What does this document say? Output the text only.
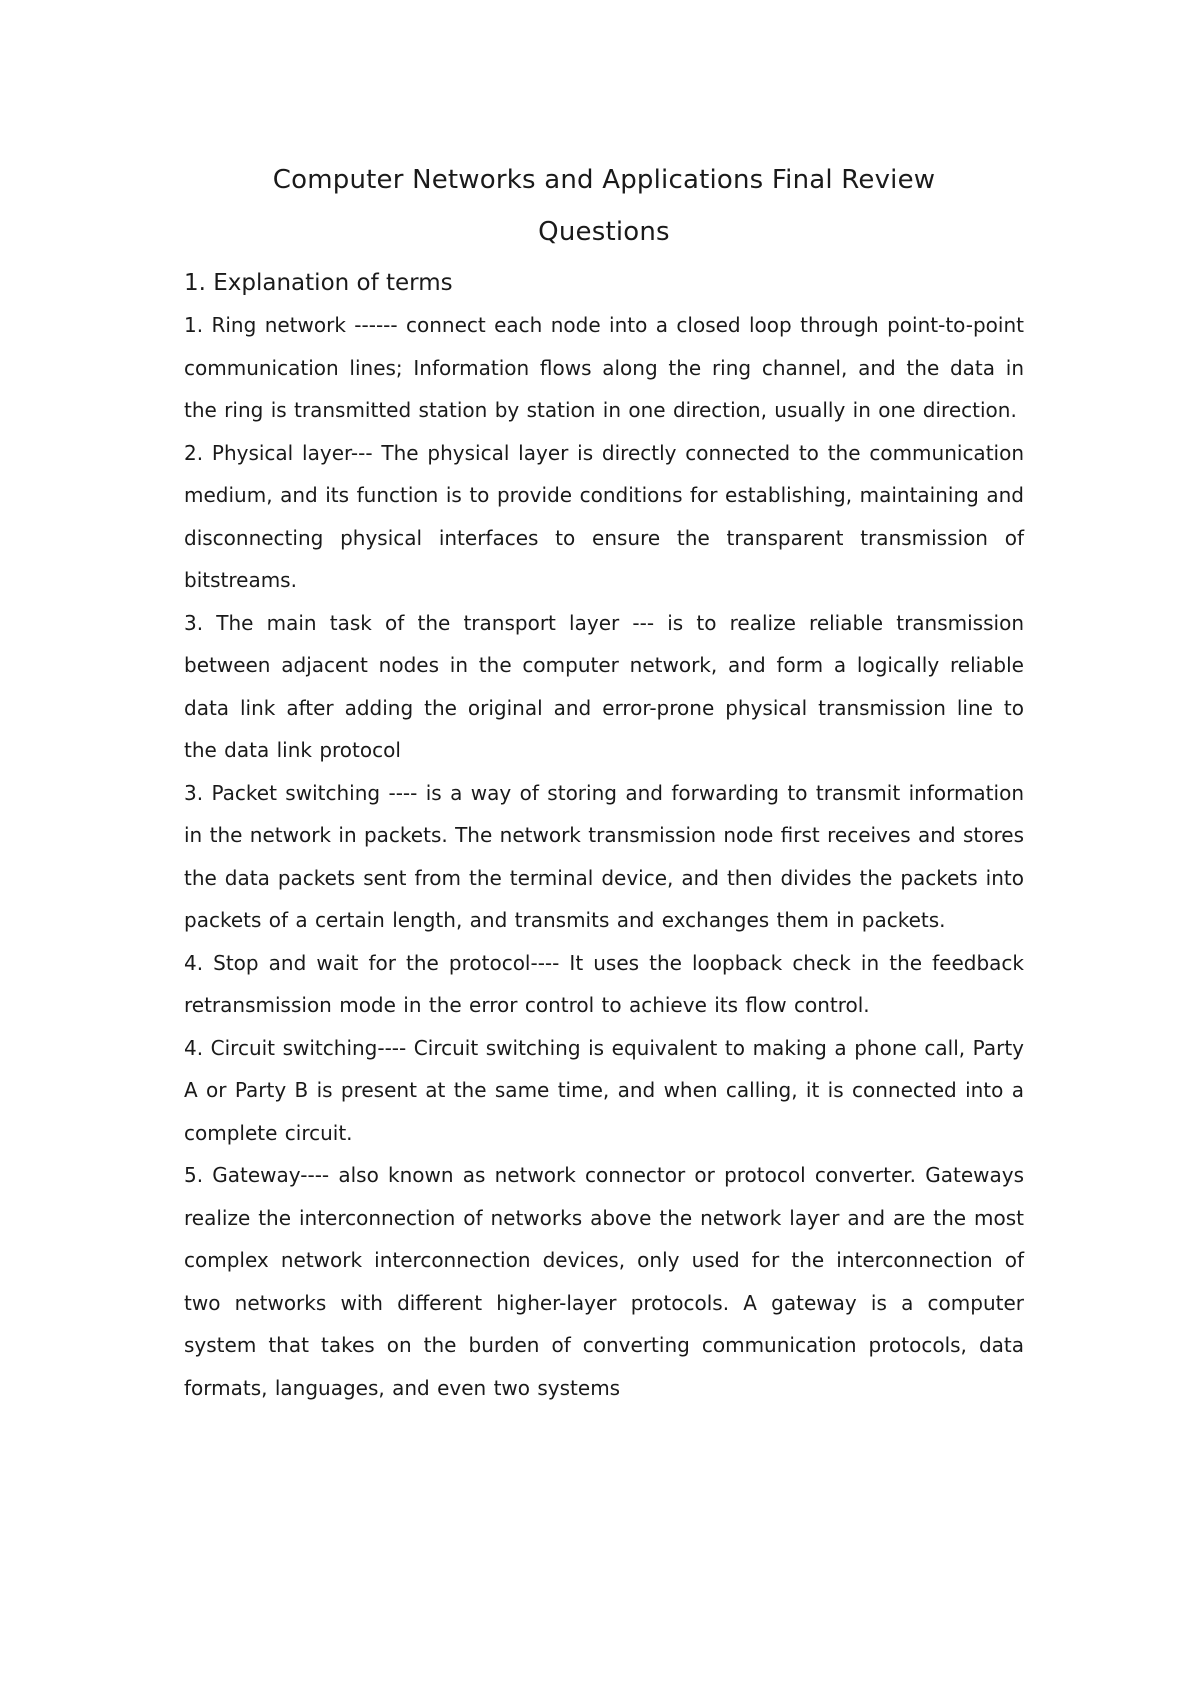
Computer Networks and Applications Final Review
Questions
1. Explanation of terms

1. Ring network ------ connect each node into a closed loop through point-to-point communication lines; Information flows along the ring channel, and the data in the ring is transmitted station by station in one direction, usually in one direction.

2. Physical layer--- The physical layer is directly connected to the communication medium, and its function is to provide conditions for establishing, maintaining and disconnecting physical interfaces to ensure the transparent transmission of bitstreams.

3. The main task of the transport layer --- is to realize reliable transmission between adjacent nodes in the computer network, and form a logically reliable data link after adding the original and error-prone physical transmission line to the data link protocol

3. Packet switching ---- is a way of storing and forwarding to transmit information in the network in packets. The network transmission node first receives and stores the data packets sent from the terminal device, and then divides the packets into packets of a certain length, and transmits and exchanges them in packets.

4. Stop and wait for the protocol---- It uses the loopback check in the feedback retransmission mode in the error control to achieve its flow control.

4. Circuit switching---- Circuit switching is equivalent to making a phone call, Party A or Party B is present at the same time, and when calling, it is connected into a complete circuit.

5. Gateway---- also known as network connector or protocol converter. Gateways realize the interconnection of networks above the network layer and are the most complex network interconnection devices, only used for the interconnection of two networks with different higher-layer protocols. A gateway is a computer system that takes on the burden of converting communication protocols, data formats, languages, and even two systems
